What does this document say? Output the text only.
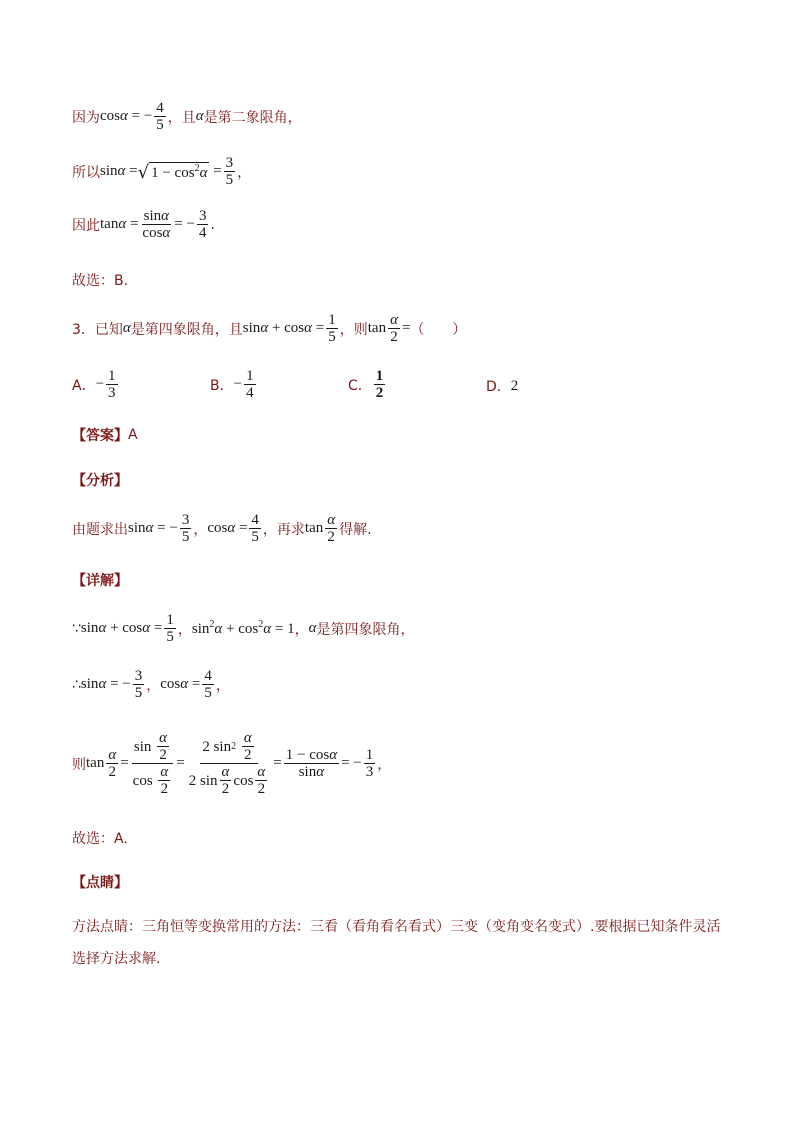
因为 cosα = − $\frac{4}{5}$ ，且 α 是第二象限角，
所以 sinα = √ $1 - \cos^2\alpha = \frac{3}{5}$ ，
因此 $\tan\alpha = \frac{\text{sin α}}{\text{cos α}}$ = − $\frac{3}{4}$ .
故选：B.
3．已知 α 是第四象限角，且 $\sin\alpha + \cos\alpha = \frac{1}{5}$ ，则 $\tan \frac{\alpha}{2}$ = （　　）
A． − $\frac{1}{3}$	B． − $\frac{1}{4}$	C．
1
2	D． 2
【答案】 A
【分析】
由题求出 sinα = − $\frac{3}{5}$ ， $\cos\alpha = \frac{4}{5}$ ，再求 tan α
2 得解.
【详解】
∵ $\sin\alpha + \cos\alpha = \frac{1}{5}$ ， $\sin^2\alpha + \cos^2\alpha = 1$ ， α 是第四象限角，
∴ sinα = − $\frac{3}{5}$ ， $\cos\alpha = \frac{4}{5}$ ，
则 $\tan \frac{\alpha}{2} = \sin$
α
2
cos
α
2 = 2 sin 2
α
2
2 sin
α
2
cos
α
$2 = \frac{\text{1 − cos α}}{\text{sin α}}$ = − $\frac{1}{3}$ ，
故选：A.
【点睛】
方法点睛：三角恒等变换常用的方法：三看（看角看名看式）三变（变角变名变式）.要根据已知条件灵活
选择方法求解.
